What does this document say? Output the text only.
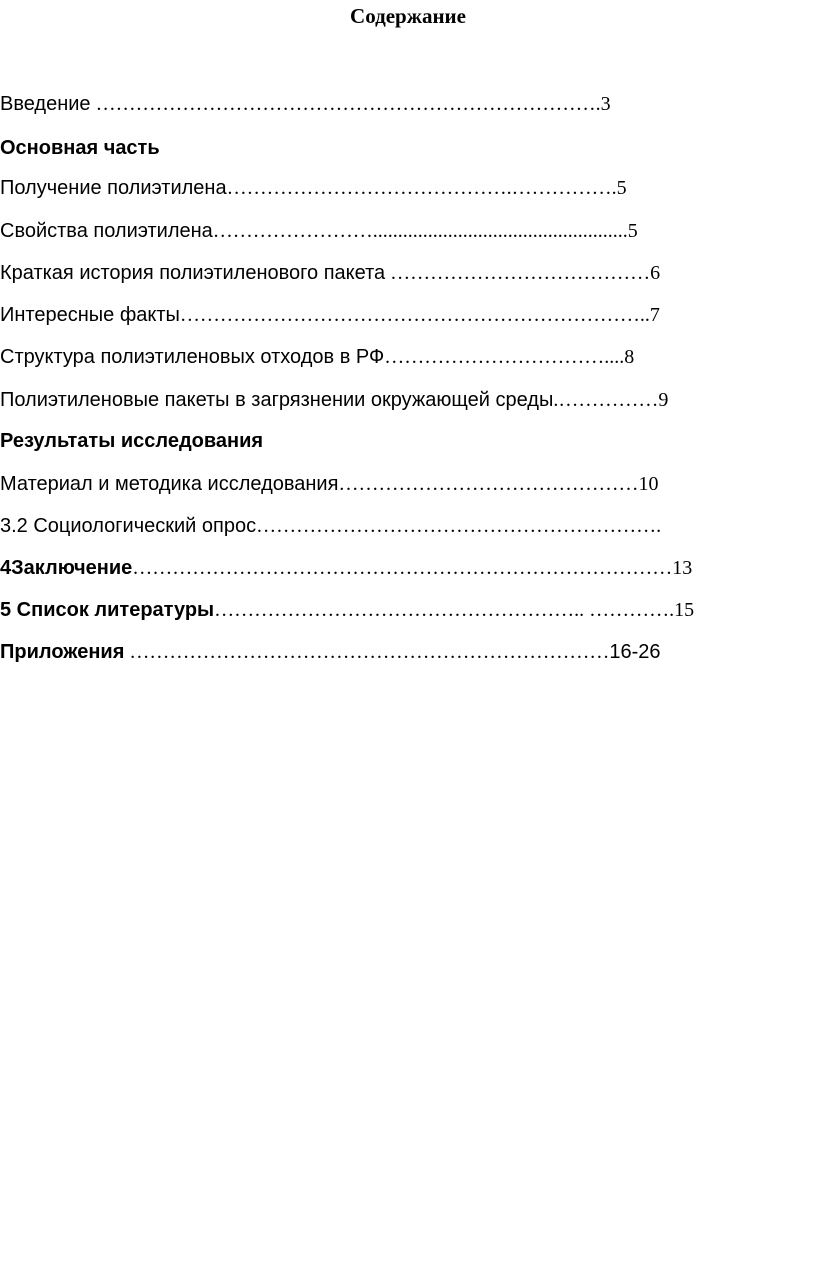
Содержание
Введение ………………………………………………………………….3
Основная часть
Получение полиэтилена…………………………………….…………….5
Свойства полиэтилена……………………...................................................5
Краткая история полиэтиленового пакета …………………………………6
Интересные факты……………………………………………………………..7
Структура полиэтиленовых отходов в РФ……………………………....8
Полиэтиленовые пакеты в загрязнении окружающей среды.……………9
Результаты исследования
Материал и методика исследования………………………………………10
3.2 Социологический опрос…………………………………………………….
4Заключение………………………………………………………………………13
5 Список литературы……………………………………………….. ………….15
Приложения ………………………………………………………………16-26
